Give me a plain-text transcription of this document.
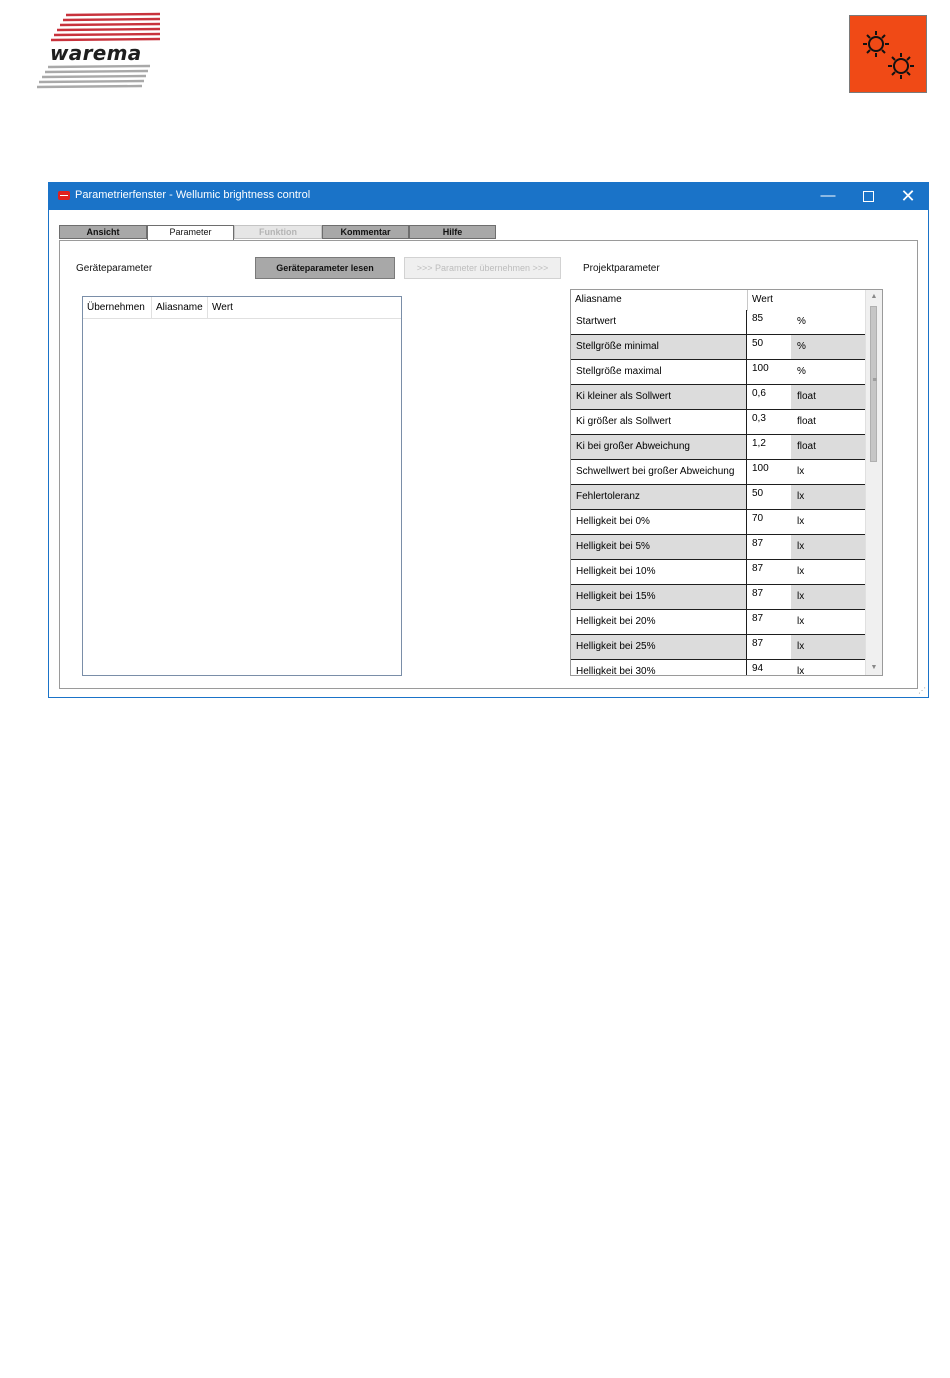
warema
Parametrierfenster - Wellumic brightness control	—	✕
Ansicht	Parameter	Funktion	Kommentar	Hilfe
Geräteparameter	Geräteparameter lesen	>>> Parameter übernehmen >>>	Projektparameter
Übernehmen	Aliasname Wert
Aliasname	Wert
Startwert	85	%
Stellgröße minimal	50	%
Stellgröße maximal	100	%
Ki kleiner als Sollwert	0,6	float
Ki größer als Sollwert	0,3	float
Ki bei großer Abweichung	1,2	float
Schwellwert bei großer Abweichung	100	lx
Fehlertoleranz	50	lx
Helligkeit bei 0%	70	lx
Helligkeit bei 5%	87	lx
Helligkeit bei 10%	87	lx
Helligkeit bei 15%	87	lx
Helligkeit bei 20%	87	lx
Helligkeit bei 25%	87	lx
Helligkeit bei 30%	94	lx
▲
≡
▼
⋰
